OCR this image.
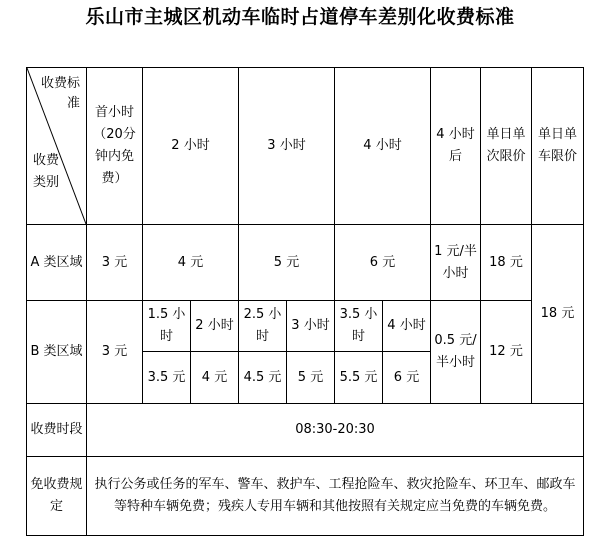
乐山市主城区机动车临时占道停车差别化收费标准
收费标准
收费类别	首小时（20分钟内免费）	2 小时		3 小时		4 小时		4 小时后	单日单次限价	单日单车限价
A 类区域	3 元	4 元		5 元		6 元		1 元/半小时	18 元	18 元
B 类区域	3 元	1.5 小时	2 小时	2.5 小时	3 小时	3.5 小时	4 小时	0.5 元/半小时	12 元	
		3.5 元	4 元	4.5 元	5 元	5.5 元	6 元			
收费时段	08:30-20:30									
免收费规定	执行公务或任务的军车、警车、救护车、工程抢险车、救灾抢险车、环卫车、邮政车等特种车辆免费；残疾人专用车辆和其他按照有关规定应当免费的车辆免费。									
